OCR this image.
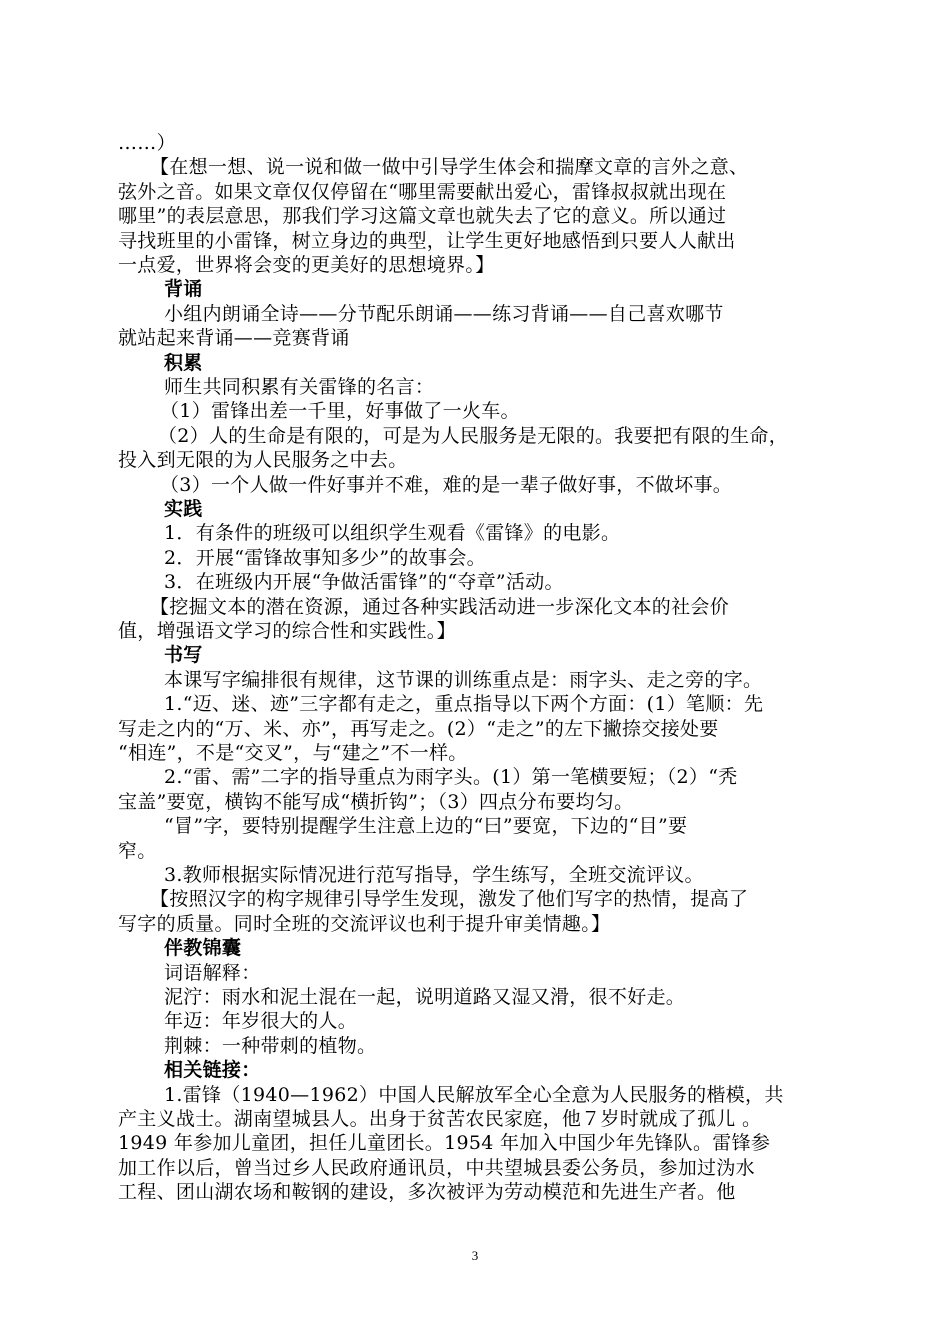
……）
【在想一想、说一说和做一做中引导学生体会和揣摩文章的言外之意、
弦外之音。如果文章仅仅停留在“哪里需要献出爱心，雷锋叔叔就出现在
哪里”的表层意思，那我们学习这篇文章也就失去了它的意义。所以通过
寻找班里的小雷锋，树立身边的典型，让学生更好地感悟到只要人人献出
一点爱，世界将会变的更美好的思想境界。】
背诵
小组内朗诵全诗——分节配乐朗诵——练习背诵——自己喜欢哪节
就站起来背诵——竞赛背诵
积累
师生共同积累有关雷锋的名言：
（1）雷锋出差一千里，好事做了一火车。
（2）人的生命是有限的，可是为人民服务是无限的。我要把有限的生命，
投入到无限的为人民服务之中去。
（3）一个人做一件好事并不难，难的是一辈子做好事，不做坏事。
实践
1．有条件的班级可以组织学生观看《雷锋》的电影。
2．开展“雷锋故事知多少”的故事会。
3．在班级内开展“争做活雷锋”的“夺章”活动。
【挖掘文本的潜在资源，通过各种实践活动进一步深化文本的社会价
值，增强语文学习的综合性和实践性。】
书写
本课写字编排很有规律，这节课的训练重点是：雨字头、走之旁的字。
1.“迈、迷、迹”三字都有走之，重点指导以下两个方面：(1）笔顺：先
写走之内的“万、米、亦”，再写走之。(2）“走之”的左下撇捺交接处要
“相连”，不是“交叉”，与“建之”不一样。
2.“雷、需”二字的指导重点为雨字头。(1）第一笔横要短；（2）“秃
宝盖”要宽，横钩不能写成“横折钩”；（3）四点分布要均匀。
“冒”字，要特别提醒学生注意上边的“曰”要宽，下边的“目”要
窄。
3.教师根据实际情况进行范写指导，学生练写，全班交流评议。
【按照汉字的构字规律引导学生发现，激发了他们写字的热情，提高了
写字的质量。同时全班的交流评议也利于提升审美情趣。】
伴教锦囊
词语解释：
泥泞：雨水和泥土混在一起，说明道路又湿又滑，很不好走。
年迈：年岁很大的人。
荆棘：一种带刺的植物。
相关链接：
1.雷锋（1940—1962）中国人民解放军全心全意为人民服务的楷模，共
产主义战士。湖南望城县人。出身于贫苦农民家庭，他７岁时就成了孤儿 。
1949 年参加儿童团，担任儿童团长。1954 年加入中国少年先锋队。雷锋参
加工作以后，曾当过乡人民政府通讯员，中共望城县委公务员，参加过沩水
工程、团山湖农场和鞍钢的建设，多次被评为劳动模范和先进生产者。他
3
